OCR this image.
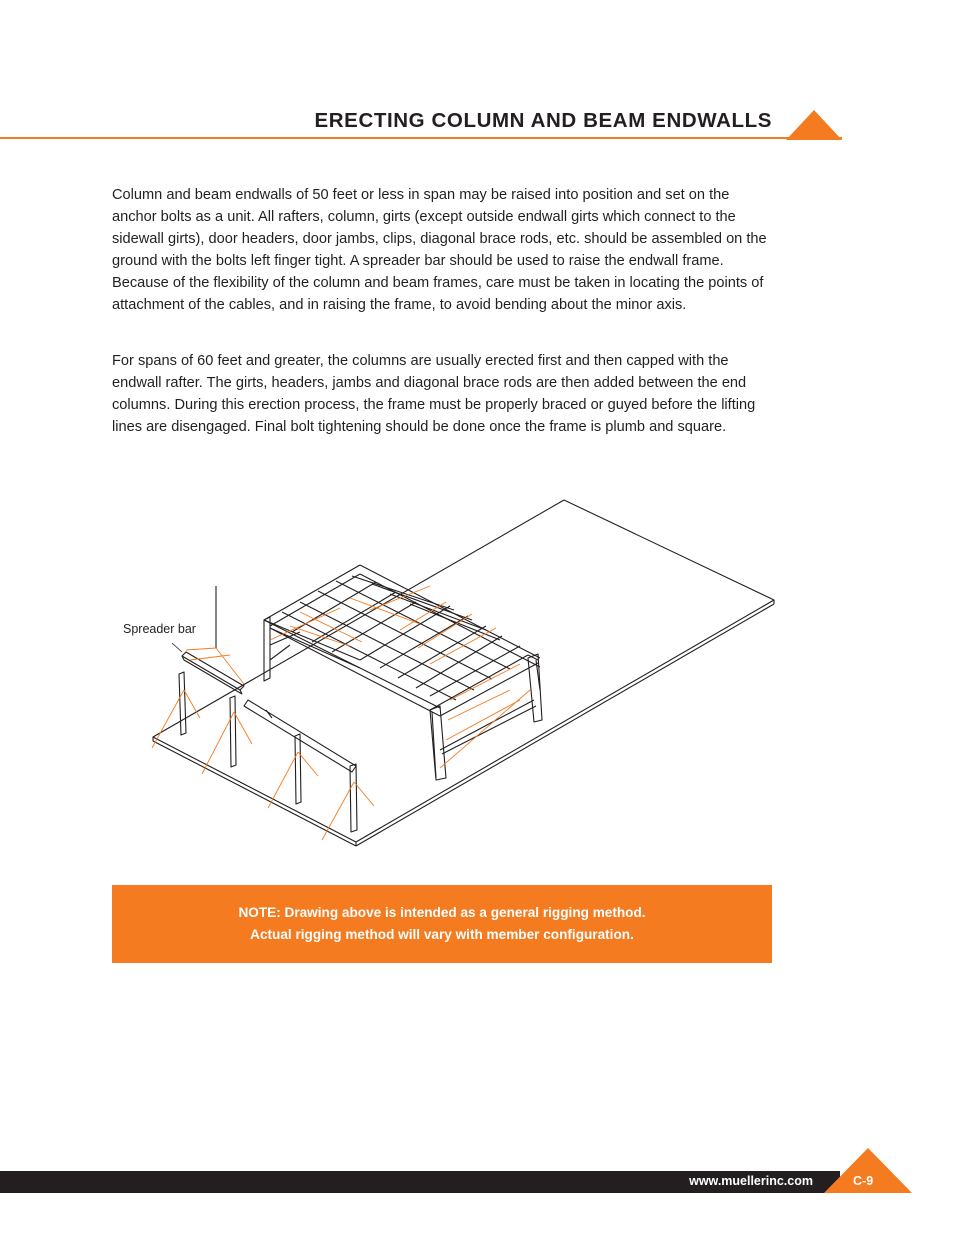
ERECTING COLUMN AND BEAM ENDWALLS

Column and beam endwalls of 50 feet or less in span may be raised into position and set on the anchor bolts as a unit. All rafters, column, girts (except outside endwall girts which connect to the sidewall girts), door headers, door jambs, clips, diagonal brace rods, etc. should be assembled on the ground with the bolts left finger tight. A spreader bar should be used to raise the endwall frame. Because of the flexibility of the column and beam frames, care must be taken in locating the points of attachment of the cables, and in raising the frame, to avoid bending about the minor axis.

For spans of 60 feet and greater, the columns are usually erected first and then capped with the endwall rafter. The girts, headers, jambs and diagonal brace rods are then added between the end columns. During this erection process, the frame must be properly braced or guyed before the lifting lines are disengaged. Final bolt tightening should be done once the frame is plumb and square.

Spreader bar
NOTE: Drawing above is intended as a general rigging method.
Actual rigging method will vary with member configuration.
www.muellerinc.com	C-9
